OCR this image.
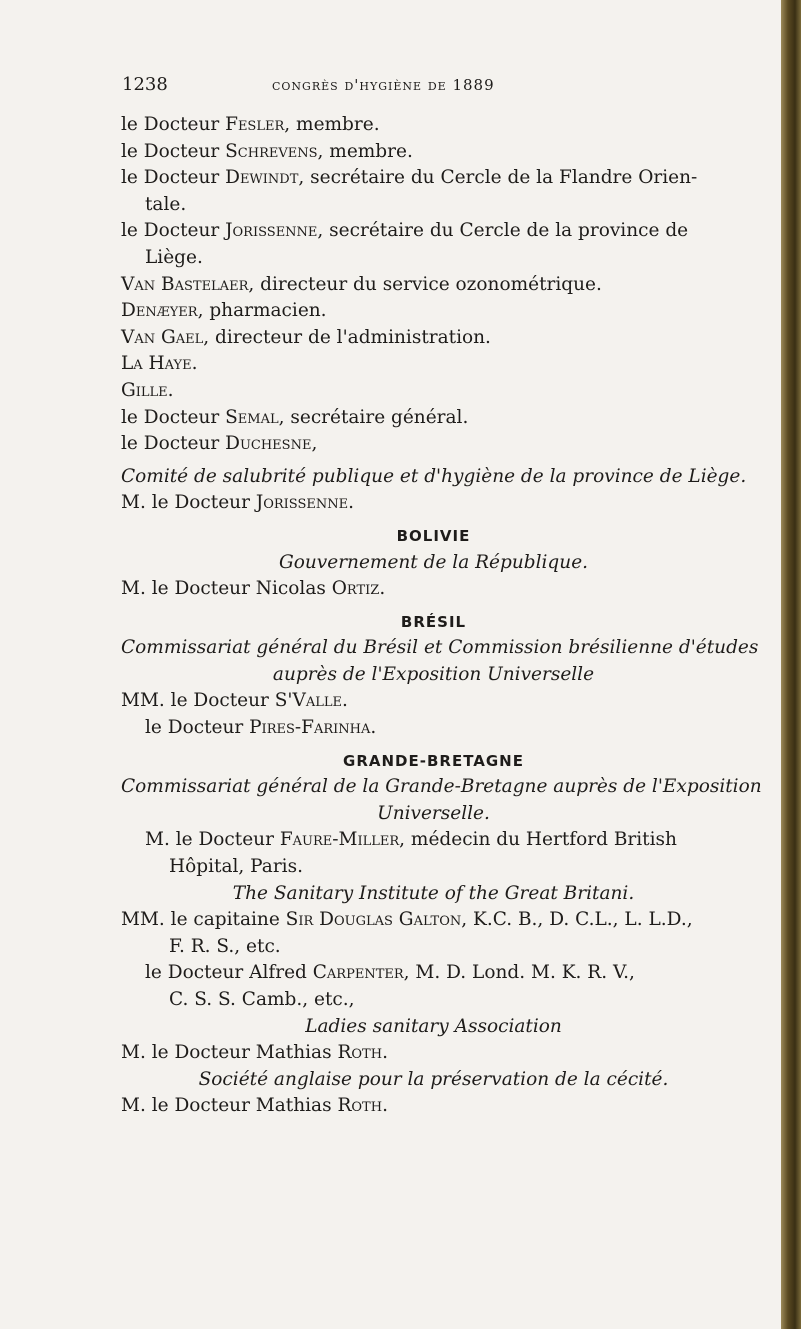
1238	congrès d'hygiène de 1889
le Docteur Fesler, membre.
le Docteur Schrevens, membre.
le Docteur Dewindt, secrétaire du Cercle de la Flandre Orien-
tale.
le Docteur Jorissenne, secrétaire du Cercle de la province de
Liège.
Van Bastelaer, directeur du service ozonométrique.
Denæyer, pharmacien.
Van Gael, directeur de l'administration.
La Haye.
Gille.
le Docteur Semal, secrétaire général.
le Docteur Duchesne,
Comité de salubrité publique et d'hygiène de la province de Liège.
M. le Docteur Jorissenne.
BOLIVIE
Gouvernement de la République.
M. le Docteur Nicolas Ortiz.
BRÉSIL
Commissariat général du Brésil et Commission brésilienne d'études
auprès de l'Exposition Universelle
MM. le Docteur S'Valle.
le Docteur Pires-Farinha.
GRANDE-BRETAGNE
Commissariat général de la Grande-Bretagne auprès de l'Exposition
Universelle.
M. le Docteur Faure-Miller, médecin du Hertford British
Hôpital, Paris.
The Sanitary Institute of the Great Britani.
MM. le capitaine Sir Douglas Galton, K.C. B., D. C.L., L. L.D.,
F. R. S., etc.
le Docteur Alfred Carpenter, M. D. Lond. M. K. R. V.,
C. S. S. Camb., etc.,
Ladies sanitary Association
M. le Docteur Mathias Roth.
Société anglaise pour la préservation de la cécité.
M. le Docteur Mathias Roth.
